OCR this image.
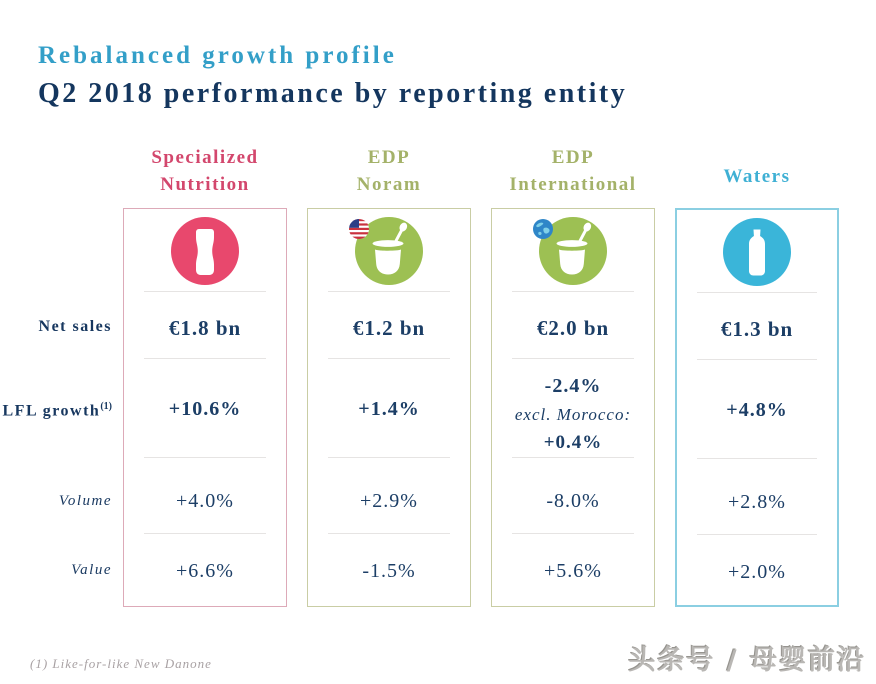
Rebalanced growth profile
Q2 2018 performance by reporting entity
Specialized
Nutrition
EDP
Noram
EDP
International	Waters
Net sales
LFL growth$^{(1)}$
Volume
Value
€1.8 bn
+10.6%
+4.0%
+6.6%
€1.2 bn
+1.4%
+2.9%
-1.5%
€2.0 bn
-2.4%
excl. Morocco:
+0.4%
-8.0%
+5.6%
€1.3 bn
+4.8%
+2.8%
+2.0%
(1) Like-for-like New Danone	头条号 / 母婴前沿
